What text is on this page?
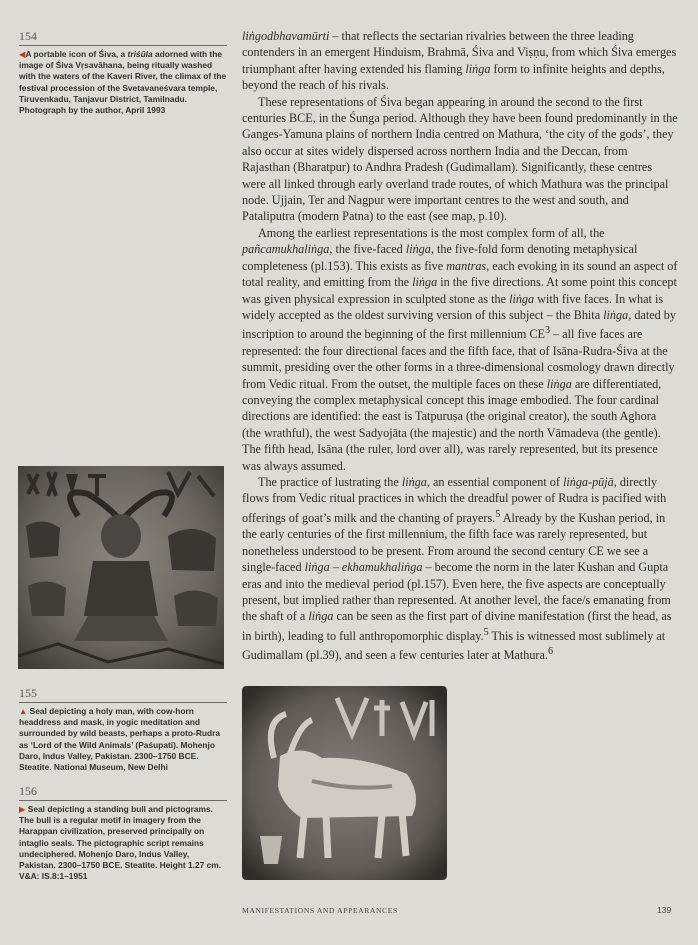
154
◀A portable icon of Śiva, a triśūla adorned with the image of Śiva Vṛsavāhana, being ritually washed with the waters of the Kaveri River, the climax of the festival procession of the Svetavaneśvara temple, Tiruvenkadu, Tanjavur District, Tamilnadu. Photograph by the author, April 1993
155
▲ Seal depicting a holy man, with cow-horn headdress and mask, in yogic meditation and surrounded by wild beasts, perhaps a proto-Rudra as ‘Lord of the Wild Animals’ (Paśupati). Mohenjo Daro, Indus Valley, Pakistan. 2300–1750 BCE. Steatite. National Museum, New Delhi
156
▶ Seal depicting a standing bull and pictograms. The bull is a regular motif in imagery from the Harappan civilization, preserved principally on intaglio seals. The pictographic script remains undeciphered. Mohenjo Daro, Indus Valley, Pakistan. 2300–1750 BCE. Steatite. Height 1.27 cm. V&A: IS.8:1–1951

liṅgodbhavamūrti – that reflects the sectarian rivalries between the three leading contenders in an emergent Hinduism, Brahmā, Śiva and Viṣṇu, from which Śiva emerges triumphant after having extended his flaming liṅga form to infinite heights and depths, beyond the reach of his rivals.

These representations of Śiva began appearing in around the second to the first centuries BCE, in the Śunga period. Although they have been found predominantly in the Ganges-Yamuna plains of northern India centred on Mathura, ‘the city of the gods’, they also occur at sites widely dispersed across northern India and the Deccan, from Rajasthan (Bharatpur) to Andhra Pradesh (Gudimallam). Significantly, these centres were all linked through early overland trade routes, of which Mathura was the principal node. Ujjain, Ter and Nagpur were important centres to the west and south, and Pataliputra (modern Patna) to the east (see map, p.10).

Among the earliest representations is the most complex form of all, the pañcamukhaliṅga, the five-faced liṅga, the five-fold form denoting metaphysical completeness (pl.153). This exists as five mantras, each evoking in its sound an aspect of total reality, and emitting from the liṅga in the five directions. At some point this concept was given physical expression in sculpted stone as the liṅga with five faces. In what is widely accepted as the oldest surviving version of this subject – the Bhita liṅga, dated by inscription to around the beginning of the first millennium $CE^3$ – all five faces are represented: the four directional faces and the fifth face, that of Isāna-Rudra-Śiva at the summit, presiding over the other forms in a three-dimensional cosmology drawn directly from Vedic ritual. From the outset, the multiple faces on these liṅga are differentiated, conveying the complex metaphysical concept this image embodied. The four cardinal directions are identified: the east is Tatpuruṣa (the original creator), the south Aghora (the wrathful), the west Sadyojāta (the majestic) and the north Vāmadeva (the gentle). The fifth head, Isāna (the ruler, lord over all), was rarely represented, but its presence was always assumed.

The practice of lustrating the liṅga, an essential component of liṅga-pūjā, directly flows from Vedic ritual practices in which the dreadful power of Rudra is pacified with offerings of goat’s milk and the chanting of prayers.$^5$ Already by the Kushan period, in the early centuries of the first millennium, the fifth face was rarely represented, but nonetheless understood to be present. From around the second century CE we see a single-faced liṅga – ekhamukhaliṅga – become the norm in the later Kushan and Gupta eras and into the medieval period (pl.157). Even here, the five aspects are conceptually present, but implied rather than represented. At another level, the face/s emanating from the shaft of a liṅga can be seen as the first part of divine manifestation (first the head, as in birth), leading to full anthropomorphic display.$^5$ This is witnessed most sublimely at Gudimallam (pl.39), and seen a few centuries later at Mathura.$^6$

MANIFESTATIONS AND APPEARANCES	139
